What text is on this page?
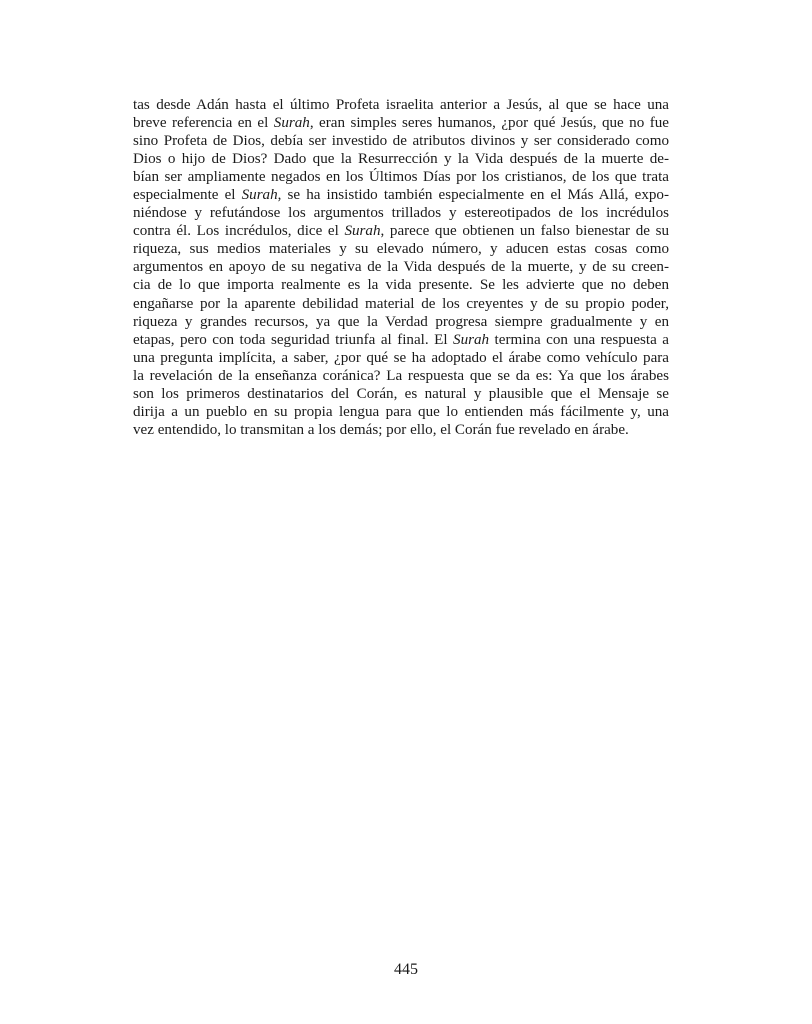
tas desde Adán hasta el último Profeta israelita anterior a Jesús, al que se hace una
breve referencia en el Surah, eran simples seres humanos, ¿por qué Jesús, que no fue
sino Profeta de Dios, debía ser investido de atributos divinos y ser considerado como
Dios o hijo de Dios? Dado que la Resurrección y la Vida después de la muerte de-
bían ser ampliamente negados en los Últimos Días por los cristianos, de los que trata
especialmente el Surah, se ha insistido también especialmente en el Más Allá, expo-
niéndose y refutándose los argumentos trillados y estereotipados de los incrédulos
contra él. Los incrédulos, dice el Surah, parece que obtienen un falso bienestar de su
riqueza, sus medios materiales y su elevado número, y aducen estas cosas como
argumentos en apoyo de su negativa de la Vida después de la muerte, y de su creen-
cia de lo que importa realmente es la vida presente. Se les advierte que no deben
engañarse por la aparente debilidad material de los creyentes y de su propio poder,
riqueza y grandes recursos, ya que la Verdad progresa siempre gradualmente y en
etapas, pero con toda seguridad triunfa al final. El Surah termina con una respuesta a
una pregunta implícita, a saber, ¿por qué se ha adoptado el árabe como vehículo para
la revelación de la enseñanza coránica? La respuesta que se da es: Ya que los árabes
son los primeros destinatarios del Corán, es natural y plausible que el Mensaje se
dirija a un pueblo en su propia lengua para que lo entienden más fácilmente y, una
vez entendido, lo transmitan a los demás; por ello, el Corán fue revelado en árabe.
445
